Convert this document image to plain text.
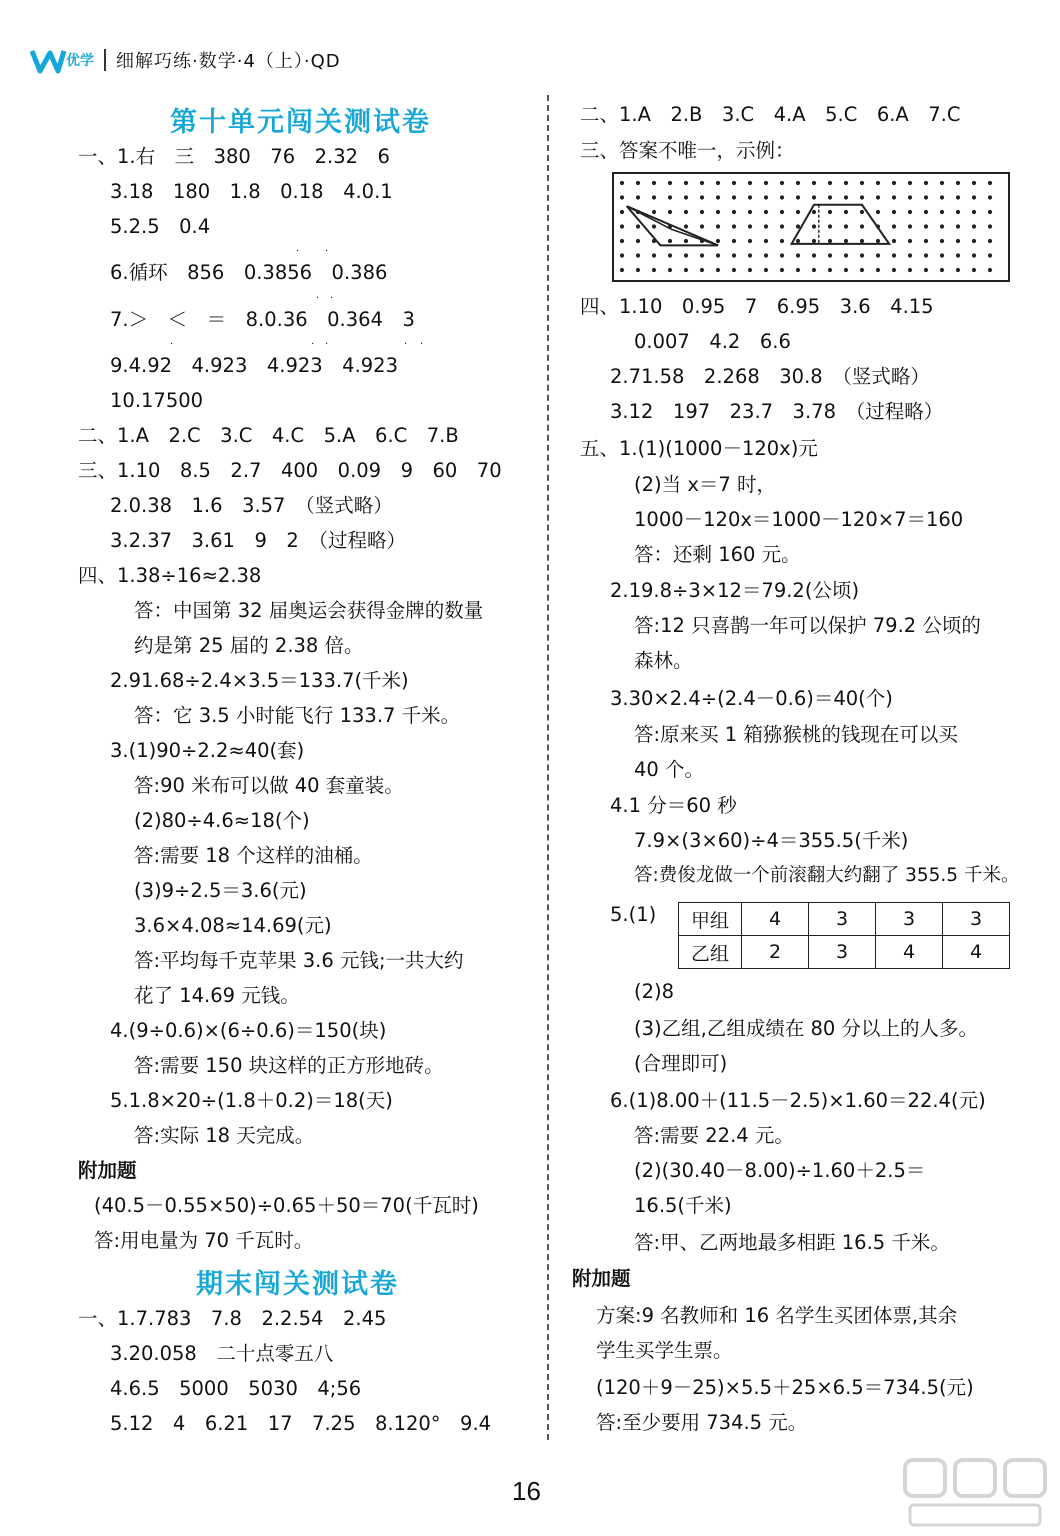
优学 细解巧练·数学·4（上）·QD
第十单元闯关测试卷
一、1.右　三　380　76　2.32　6
3.18　180　1.8　0.18　4.0.1
5.2.5　0.4
6.循环　856　0.3856　0.386
·	·
7.＞　＜　＝　8.0.36　0.364　3
· ·
9.4.92　4.923　4.923　4.923
·	· ·	· ·
10.17500
二、1.A　2.C　3.C　4.C　5.A　6.C　7.B
三、1.10　8.5　2.7　400　0.09　9　60　70
2.0.38　1.6　3.57　（竖式略）
3.2.37　3.61　9　2　（过程略）
四、1.38÷16≈2.38
答：中国第 32 届奥运会获得金牌的数量
约是第 25 届的 2.38 倍。
2.91.68÷2.4×3.5＝133.7(千米)
答：它 3.5 小时能飞行 133.7 千米。
3.(1)90÷2.2≈40(套)
答:90 米布可以做 40 套童装。
(2)80÷4.6≈18(个)
答:需要 18 个这样的油桶。
(3)9÷2.5＝3.6(元)
3.6×4.08≈14.69(元)
答:平均每千克苹果 3.6 元钱;一共大约
花了 14.69 元钱。
4.(9÷0.6)×(6÷0.6)＝150(块)
答:需要 150 块这样的正方形地砖。
5.1.8×20÷(1.8＋0.2)＝18(天)
答:实际 18 天完成。
附加题
(40.5－0.55×50)÷0.65＋50＝70(千瓦时)
答:用电量为 70 千瓦时。
期末闯关测试卷
一、1.7.783　7.8　2.2.54　2.45
3.20.058　二十点零五八
4.6.5　5000　5030　4;56
5.12　4　6.21　17　7.25　8.120°　9.4
二、1.A　2.B　3.C　4.A　5.C　6.A　7.C
三、答案不唯一，示例：
四、1.10　0.95　7　6.95　3.6　4.15
0.007　4.2　6.6
2.71.58　2.268　30.8　（竖式略）
3.12　197　23.7　3.78　（过程略）
五、1.(1)(1000－120x)元
(2)当 x＝7 时，
1000－120x＝1000－120×7＝160
答：还剩 160 元。
2.19.8÷3×12＝79.2(公顷)
答:12 只喜鹊一年可以保护 79.2 公顷的
森林。
3.30×2.4÷(2.4－0.6)＝40(个)
答:原来买 1 箱猕猴桃的钱现在可以买
40 个。
4.1 分＝60 秒
7.9×(3×60)÷4＝355.5(千米)
答:费俊龙做一个前滚翻大约翻了 355.5 千米。
5.(1) 甲组	4	3	3	3
乙组	2	3	4	4
(2)8
(3)乙组,乙组成绩在 80 分以上的人多。
(合理即可)
6.(1)8.00＋(11.5－2.5)×1.60＝22.4(元)
答:需要 22.4 元。
(2)(30.40－8.00)÷1.60＋2.5＝
16.5(千米)
答:甲、乙两地最多相距 16.5 千米。
附加题
方案:9 名教师和 16 名学生买团体票,其余
学生买学生票。
(120＋9－25)×5.5＋25×6.5＝734.5(元)
答:至少要用 734.5 元。
16
